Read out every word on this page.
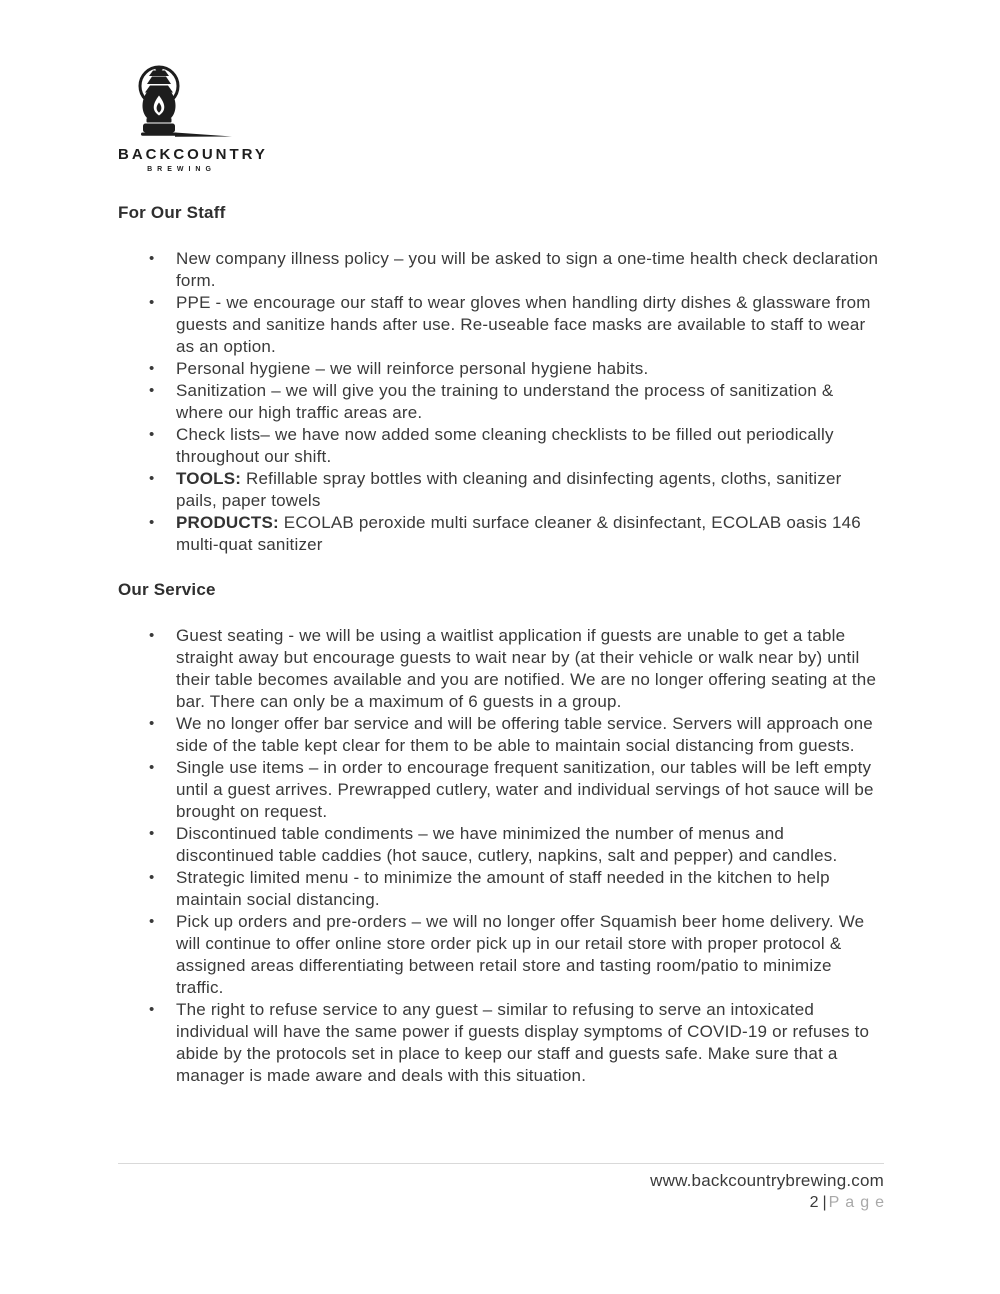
BACKCOUNTRY
BREWING
For Our Staff
• New company illness policy – you will be asked to sign a one-time health check declaration form.
• PPE - we encourage our staff to wear gloves when handling dirty dishes & glassware from guests and sanitize hands after use. Re-useable face masks are available to staff to wear as an option.
• Personal hygiene – we will reinforce personal hygiene habits.
• Sanitization – we will give you the training to understand the process of sanitization & where our high traffic areas are.
• Check lists– we have now added some cleaning checklists to be filled out periodically throughout our shift.
• TOOLS: Refillable spray bottles with cleaning and disinfecting agents, cloths, sanitizer pails, paper towels
• PRODUCTS: ECOLAB peroxide multi surface cleaner & disinfectant, ECOLAB oasis 146 multi-quat sanitizer
Our Service
• Guest seating - we will be using a waitlist application if guests are unable to get a table straight away but encourage guests to wait near by (at their vehicle or walk near by) until their table becomes available and you are notified. We are no longer offering seating at the bar. There can only be a maximum of 6 guests in a group.
• We no longer offer bar service and will be offering table service. Servers will approach one side of the table kept clear for them to be able to maintain social distancing from guests.
• Single use items – in order to encourage frequent sanitization, our tables will be left empty until a guest arrives. Prewrapped cutlery, water and individual servings of hot sauce will be brought on request.
• Discontinued table condiments – we have minimized the number of menus and discontinued table caddies (hot sauce, cutlery, napkins, salt and pepper) and candles.
• Strategic limited menu - to minimize the amount of staff needed in the kitchen to help maintain social distancing.
• Pick up orders and pre-orders – we will no longer offer Squamish beer home delivery. We will continue to offer online store order pick up in our retail store with proper protocol & assigned areas differentiating between retail store and tasting room/patio to minimize traffic.
• The right to refuse service to any guest – similar to refusing to serve an intoxicated individual will have the same power if guests display symptoms of COVID-19 or refuses to abide by the protocols set in place to keep our staff and guests safe. Make sure that a manager is made aware and deals with this situation.
www.backcountrybrewing.com
2 | Page
